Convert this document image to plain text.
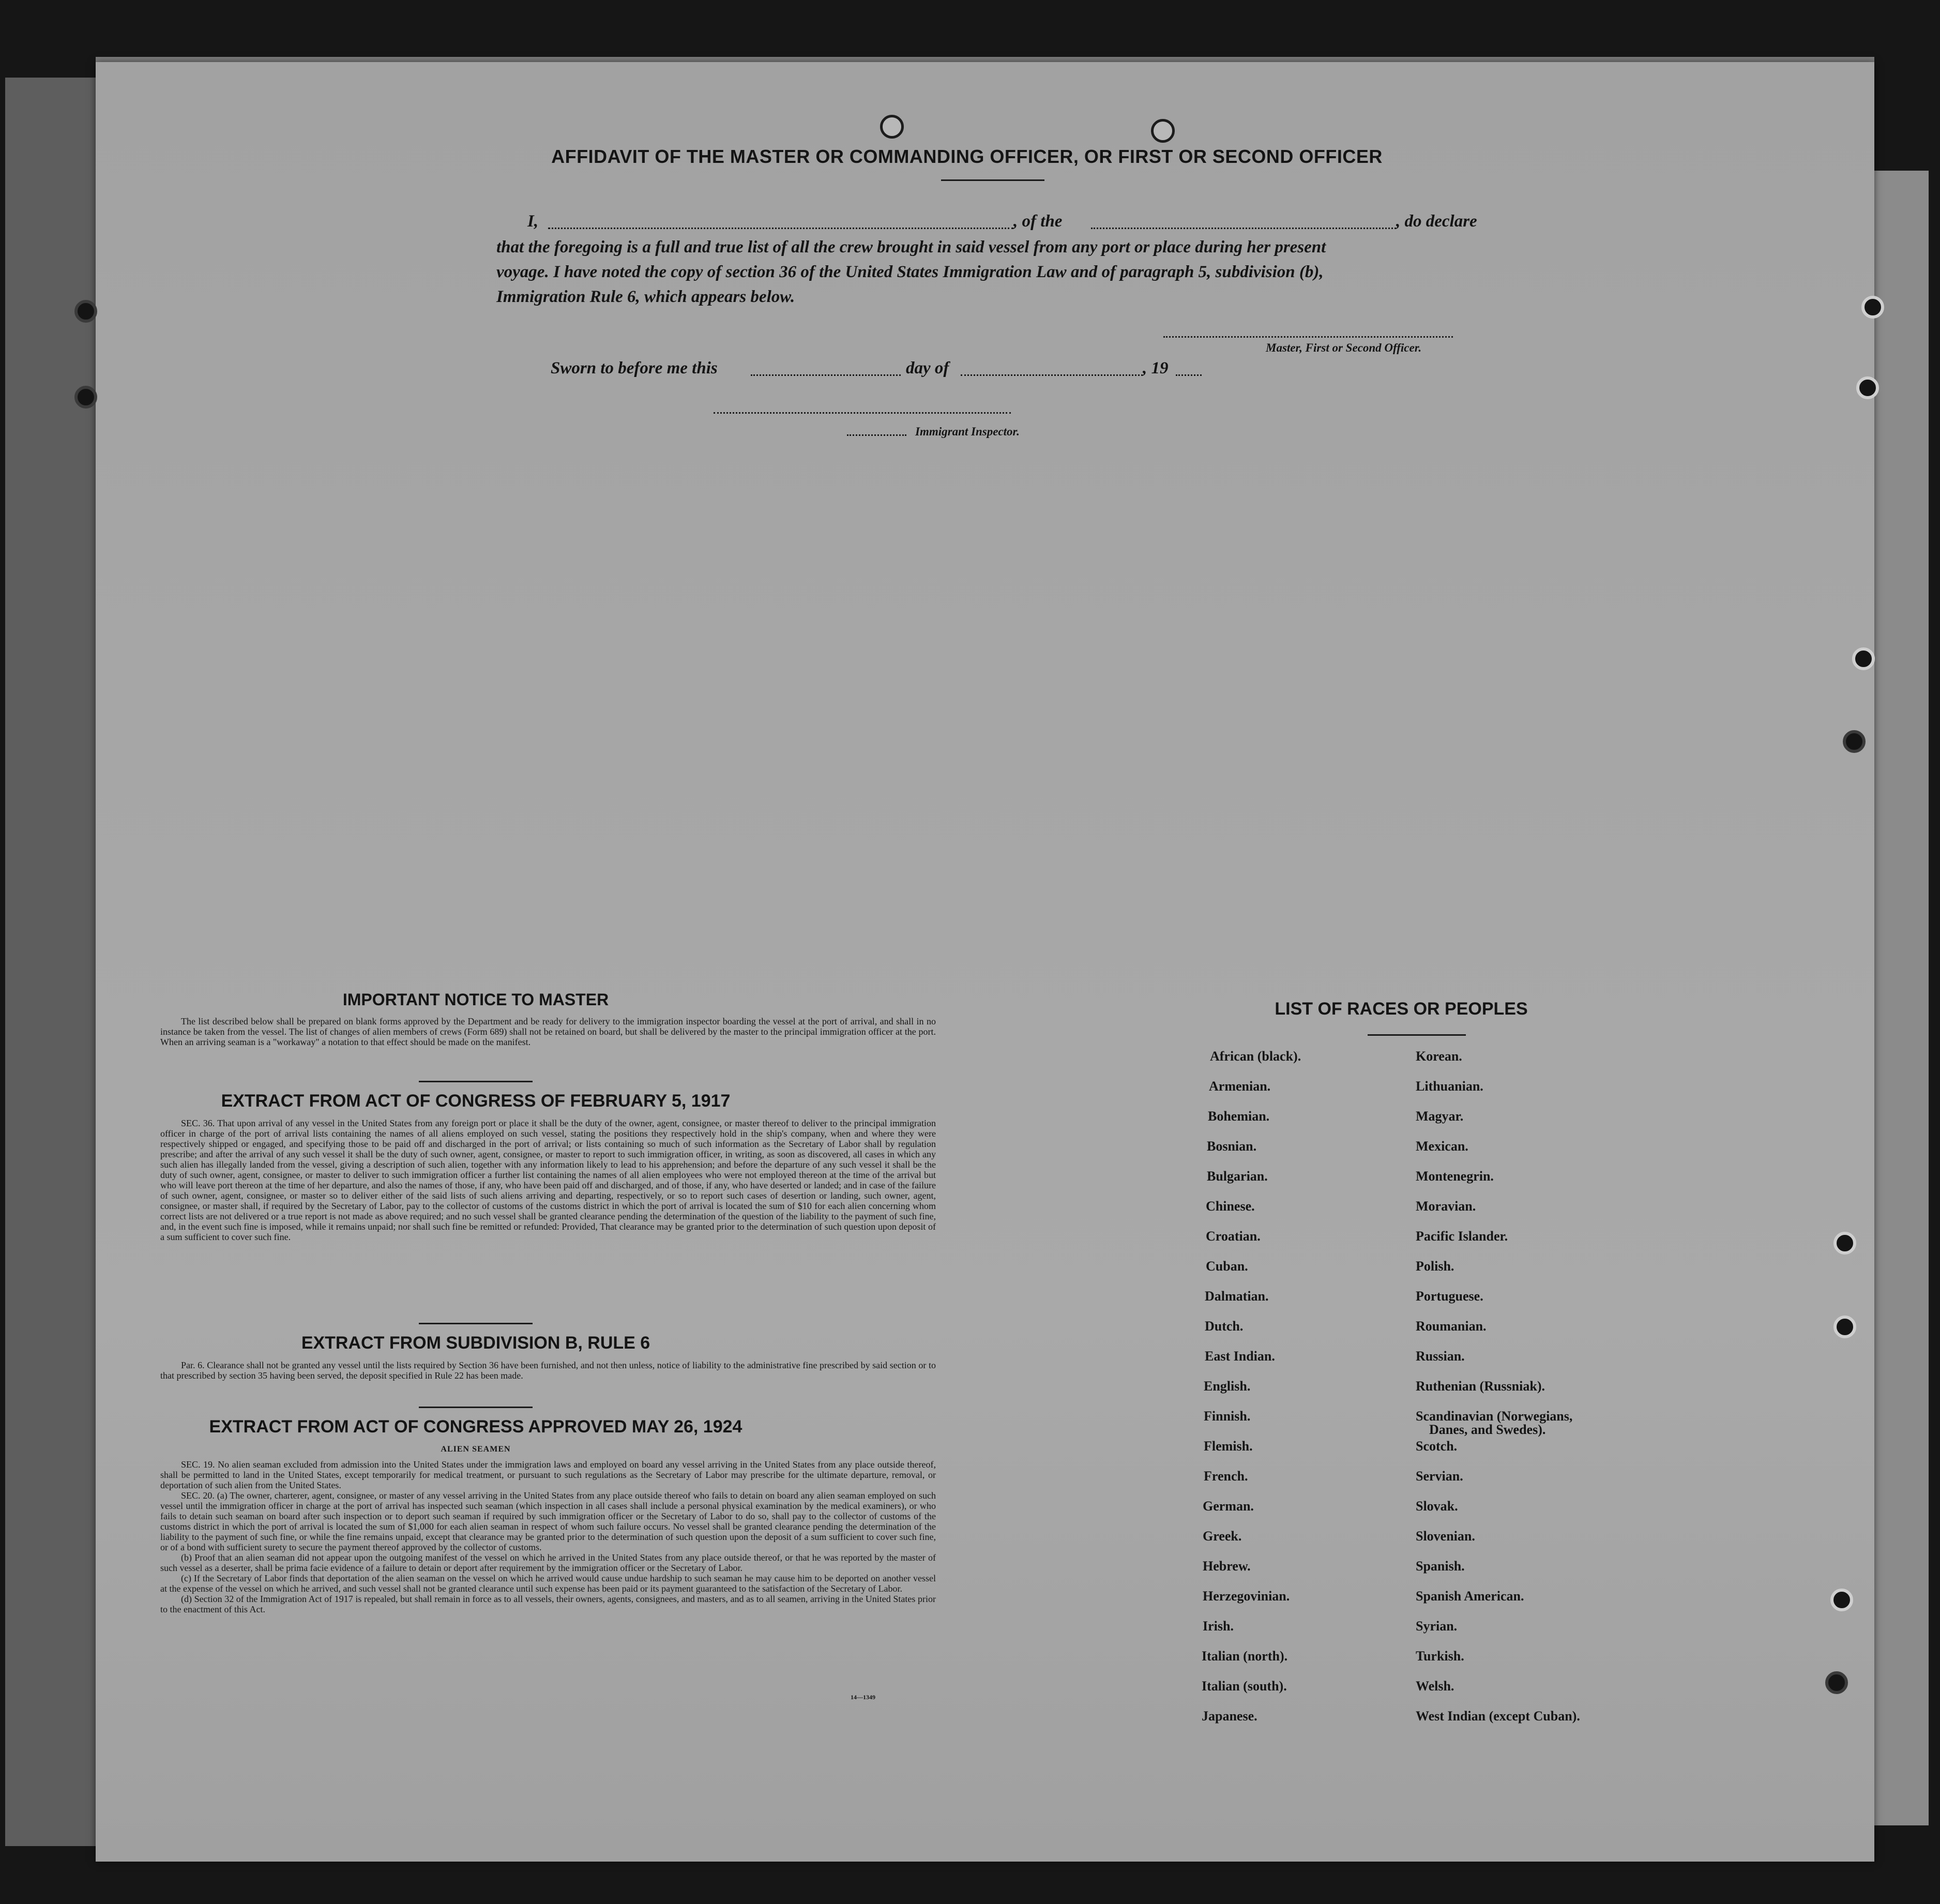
AFFIDAVIT OF THE MASTER OR COMMANDING OFFICER, OR FIRST OR SECOND OFFICER
I,	, of the	, do declare
that the foregoing is a full and true list of all the crew brought in said vessel from any port or place during her present
voyage. I have noted the copy of section 36 of the United States Immigration Law and of paragraph 5, subdivision (b),
Immigration Rule 6, which appears below.
Master, First or Second Officer.
Sworn to before me this	day of	, 19
Immigrant Inspector.
IMPORTANT NOTICE TO MASTER
The list described below shall be prepared on blank forms approved by the Department and be ready for delivery to the immigration inspector boarding the vessel at the port of arrival, and shall in no instance be taken from the vessel. The list of changes of alien members of crews (Form 689) shall not be retained on board, but shall be delivered by the master to the principal immigration officer at the port. When an arriving seaman is a "workaway" a notation to that effect should be made on the manifest.
EXTRACT FROM ACT OF CONGRESS OF FEBRUARY 5, 1917
SEC. 36. That upon arrival of any vessel in the United States from any foreign port or place it shall be the duty of the owner, agent, consignee, or master thereof to deliver to the principal immigration officer in charge of the port of arrival lists containing the names of all aliens employed on such vessel, stating the positions they respectively hold in the ship's company, when and where they were respectively shipped or engaged, and specifying those to be paid off and discharged in the port of arrival; or lists containing so much of such information as the Secretary of Labor shall by regulation prescribe; and after the arrival of any such vessel it shall be the duty of such owner, agent, consignee, or master to report to such immigration officer, in writing, as soon as discovered, all cases in which any such alien has illegally landed from the vessel, giving a description of such alien, together with any information likely to lead to his apprehension; and before the departure of any such vessel it shall be the duty of such owner, agent, consignee, or master to deliver to such immigration officer a further list containing the names of all alien employees who were not employed thereon at the time of the arrival but who will leave port thereon at the time of her departure, and also the names of those, if any, who have been paid off and discharged, and of those, if any, who have deserted or landed; and in case of the failure of such owner, agent, consignee, or master so to deliver either of the said lists of such aliens arriving and departing, respectively, or so to report such cases of desertion or landing, such owner, agent, consignee, or master shall, if required by the Secretary of Labor, pay to the collector of customs of the customs district in which the port of arrival is located the sum of $10 for each alien concerning whom correct lists are not delivered or a true report is not made as above required; and no such vessel shall be granted clearance pending the determination of the question of the liability to the payment of such fine, and, in the event such fine is imposed, while it remains unpaid; nor shall such fine be remitted or refunded: Provided, That clearance may be granted prior to the determination of such question upon deposit of a sum sufficient to cover such fine.
EXTRACT FROM SUBDIVISION B, RULE 6
Par. 6. Clearance shall not be granted any vessel until the lists required by Section 36 have been furnished, and not then unless, notice of liability to the administrative fine prescribed by said section or to that prescribed by section 35 having been served, the deposit specified in Rule 22 has been made.
EXTRACT FROM ACT OF CONGRESS APPROVED MAY 26, 1924
ALIEN SEAMEN

SEC. 19. No alien seaman excluded from admission into the United States under the immigration laws and employed on board any vessel arriving in the United States from any place outside thereof, shall be permitted to land in the United States, except temporarily for medical treatment, or pursuant to such regulations as the Secretary of Labor may prescribe for the ultimate departure, removal, or deportation of such alien from the United States.

SEC. 20. (a) The owner, charterer, agent, consignee, or master of any vessel arriving in the United States from any place outside thereof who fails to detain on board any alien seaman employed on such vessel until the immigration officer in charge at the port of arrival has inspected such seaman (which inspection in all cases shall include a personal physical examination by the medical examiners), or who fails to detain such seaman on board after such inspection or to deport such seaman if required by such immigration officer or the Secretary of Labor to do so, shall pay to the collector of customs of the customs district in which the port of arrival is located the sum of $1,000 for each alien seaman in respect of whom such failure occurs. No vessel shall be granted clearance pending the determination of the liability to the payment of such fine, or while the fine remains unpaid, except that clearance may be granted prior to the determination of such question upon the deposit of a sum sufficient to cover such fine, or of a bond with sufficient surety to secure the payment thereof approved by the collector of customs.

(b) Proof that an alien seaman did not appear upon the outgoing manifest of the vessel on which he arrived in the United States from any place outside thereof, or that he was reported by the master of such vessel as a deserter, shall be prima facie evidence of a failure to detain or deport after requirement by the immigration officer or the Secretary of Labor.

(c) If the Secretary of Labor finds that deportation of the alien seaman on the vessel on which he arrived would cause undue hardship to such seaman he may cause him to be deported on another vessel at the expense of the vessel on which he arrived, and such vessel shall not be granted clearance until such expense has been paid or its payment guaranteed to the satisfaction of the Secretary of Labor.

(d) Section 32 of the Immigration Act of 1917 is repealed, but shall remain in force as to all vessels, their owners, agents, consignees, and masters, and as to all seamen, arriving in the United States prior to the enactment of this Act.

14—1349
LIST OF RACES OR PEOPLES
African (black).
Armenian.
Bohemian.
Bosnian.
Bulgarian.
Chinese.
Croatian.
Cuban.
Dalmatian.
Dutch.
East Indian.
English.
Finnish.
Flemish.
French.
German.
Greek.
Hebrew.
Herzegovinian.
Irish.
Italian (north).
Italian (south).
Japanese.
Korean.
Lithuanian.
Magyar.
Mexican.
Montenegrin.
Moravian.
Pacific Islander.
Polish.
Portuguese.
Roumanian.
Russian.
Ruthenian (Russniak).
Scandinavian (Norwegians,
Scotch.
Servian.
Slovak.
Slovenian.
Spanish.
Spanish American.
Syrian.
Turkish.
Welsh.
West Indian (except Cuban).
Danes, and Swedes).
